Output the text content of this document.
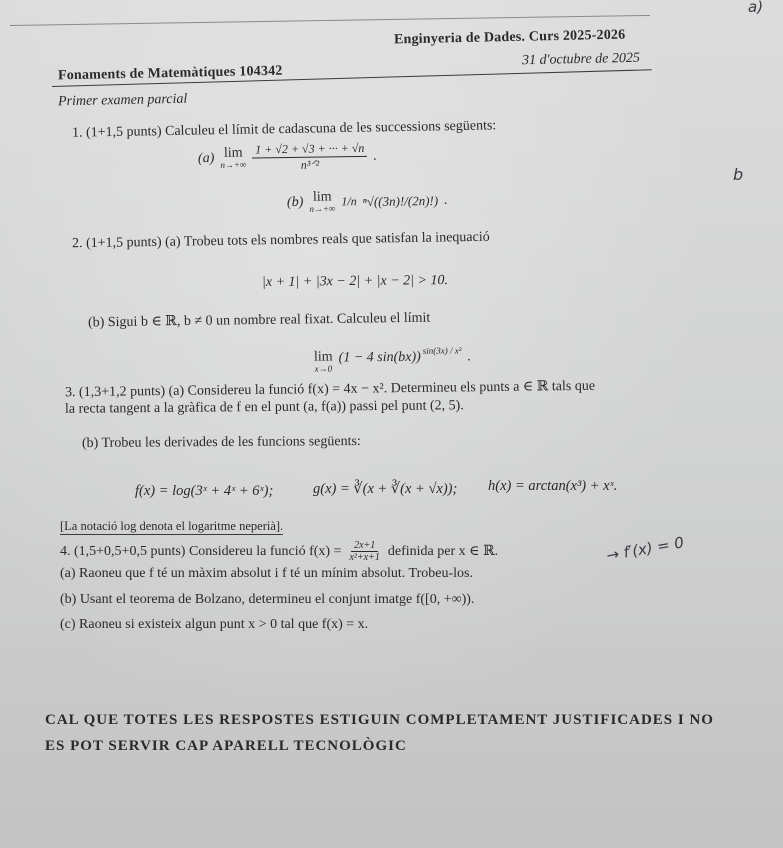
a)
Enginyeria de Dades. Curs 2025-2026
Fonaments de Matemàtiques 104342
31 d'octubre de 2025
Primer examen parcial
1. (1+1,5 punts) Calculeu el límit de cadascuna de les successions següents:
(a) lim
$n\to+\infty \frac{1 + √2 + √3 + \cdot\cdot\cdot + √n}{\text{n³ᐟ²}}$ .
(b) lim
n→+∞
1/n ⁿ√((3n)!/(2n)!) .
b
2. (1+1,5 punts) (a) Trobeu tots els nombres reals que satisfan la inequació
|x + 1| + |3x − 2| + |x − 2| > 10.
(b) Sigui b ∈ ℝ, b ≠ 0 un nombre real fixat. Calculeu el límit
lim
x→0
(1 − 4 sin(bx)) sin(3x) / x² .
3. (1,3+1,2 punts) (a) Considereu la funció f(x) = 4x − x². Determineu els punts a ∈ ℝ tals que
la recta tangent a la gràfica de f en el punt (a, f(a)) passi pel punt (2, 5).
(b) Trobeu les derivades de les funcions següents:
f(x) = log(3ˣ + 4ˣ + 6ˣ);	g(x) = ∛(x + ∛(x + √x)); h(x) = arctan(x³) + xˣ.
[La notació log denota el logaritme neperià].
4. (1,5+0,5+0,5 punts) Considereu la funció $f(x) = \frac{2x+1}{\text{x²+x+1}}$ definida per x ∈ ℝ.	→ f′(x) = 0
(a) Raoneu que f té un màxim absolut i f té un mínim absolut. Trobeu-los.
(b) Usant el teorema de Bolzano, determineu el conjunt imatge f([0, +∞)).
(c) Raoneu si existeix algun punt x > 0 tal que f(x) = x.
CAL QUE TOTES LES RESPOSTES ESTIGUIN COMPLETAMENT JUSTIFICADES I NO
ES POT SERVIR CAP APARELL TECNOLÒGIC
